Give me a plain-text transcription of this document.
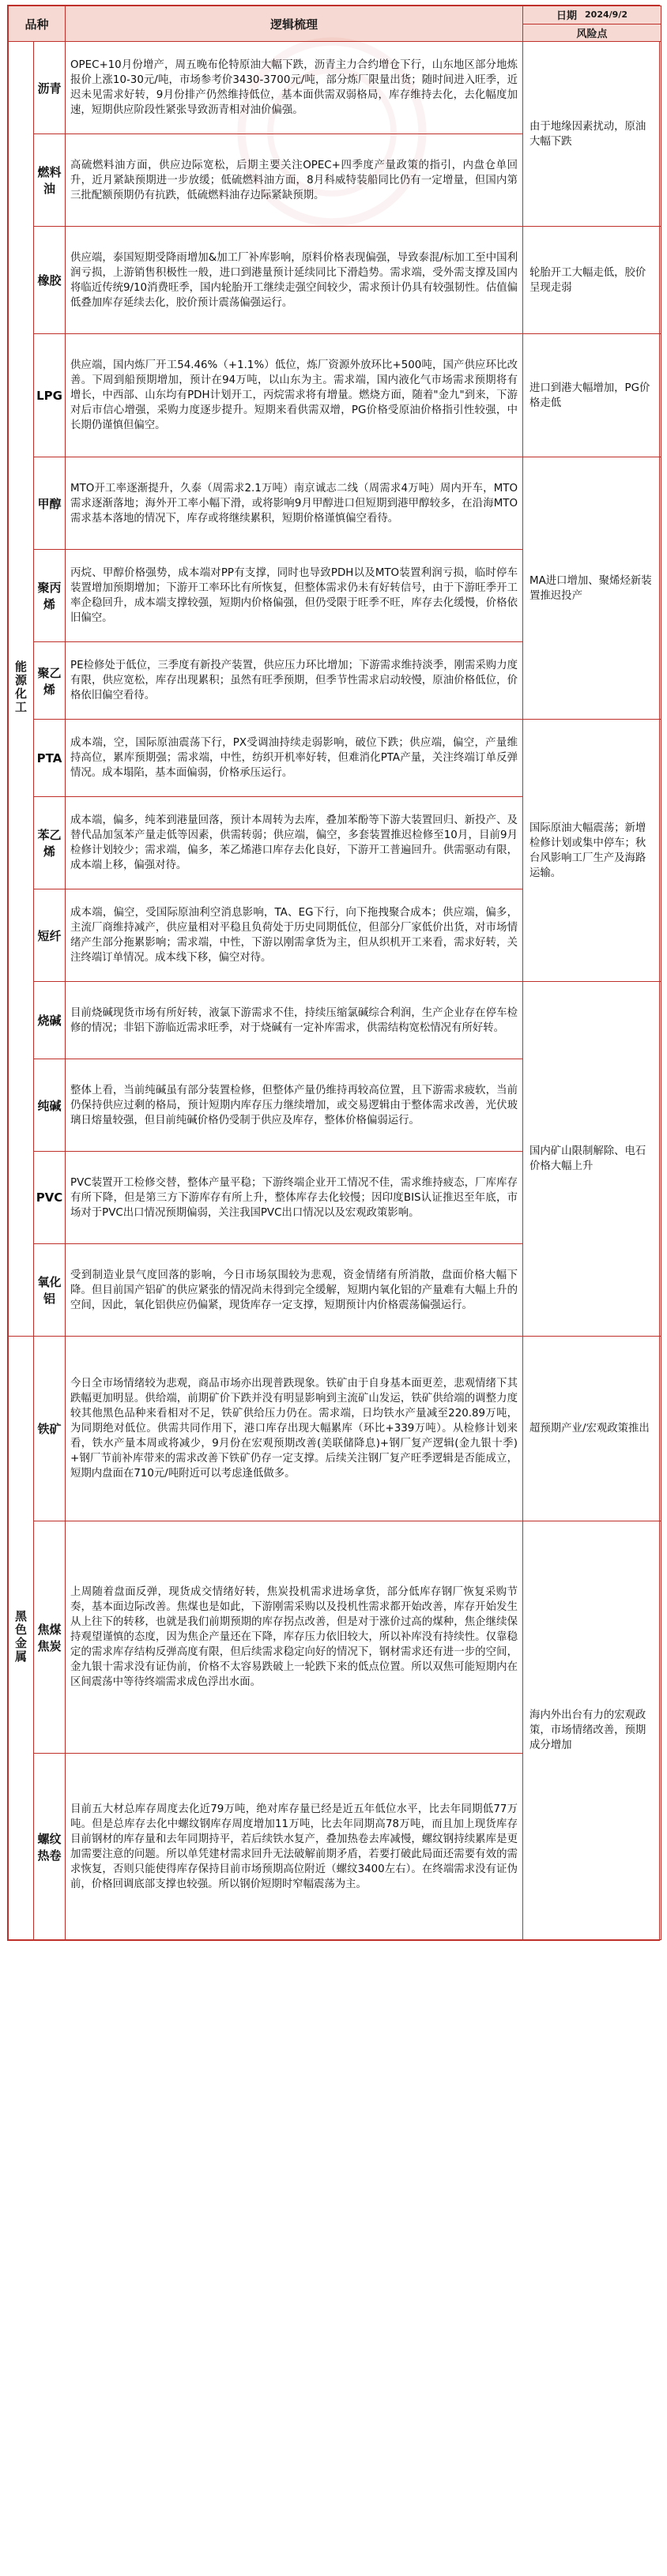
品种		逻辑梳理	日期 2024/9/2
风险点

能源化工	沥青	OPEC+10月份增产，周五晚布伦特原油大幅下跌，沥青主力合约增仓下行，山东地区部分地炼报价上涨10-30元/吨，市场参考价3430-3700元/吨，部分炼厂限量出货；随时间进入旺季，近迟未见需求好转，9月份排产仍然维持低位，基本面供需双弱格局，库存维持去化，去化幅度加速，短期供应阶段性紧张导致沥青相对油价偏强。	由于地缘因素扰动，原油大幅下跌
	燃料油	高硫燃料油方面，供应边际宽松，后期主要关注OPEC+四季度产量政策的指引，内盘仓单回升，近月紧缺预期进一步放缓；低硫燃料油方面，8月科威特装船同比仍有一定增量，但国内第三批配额预期仍有抗跌，低硫燃料油存边际紧缺预期。	
	橡胶	供应端，泰国短期受降雨增加&加工厂补库影响，原料价格表现偏强，导致泰混/标加工至中国利润亏损，上游销售积极性一般，进口到港量预计延续同比下滑趋势。需求端，受外需支撑及国内将临近传统9/10消费旺季，国内轮胎开工继续走强空间较少，需求预计仍具有较强韧性。估值偏低叠加库存延续去化，胶价预计震荡偏强运行。	轮胎开工大幅走低，胶价呈现走弱
	LPG	供应端，国内炼厂开工54.46%（+1.1%）低位，炼厂资源外放环比+500吨，国产供应环比改善。下周到船预期增加，预计在94万吨，以山东为主。需求端，国内液化气市场需求预期将有增长，中西部、山东均有PDH计划开工，丙烷需求将有增量。燃烧方面，随着"金九"到来，下游对后市信心增强，采购力度逐步提升。短期来看供需双增，PG价格受原油价格指引性较强，中长期仍谨慎但偏空。	进口到港大幅增加，PG价格走低
	甲醇	MTO开工率逐渐提升，久泰（周需求2.1万吨）南京诚志二线（周需求4万吨）周内开车，MTO需求逐渐落地；海外开工率小幅下滑，或将影响9月甲醇进口但短期到港甲醇较多，在沿海MTO需求基本落地的情况下，库存或将继续累积，短期价格谨慎偏空看待。	MA进口增加、聚烯烃新装置推迟投产
	聚丙烯	丙烷、甲醇价格强势，成本端对PP有支撑，同时也导致PDH以及MTO装置利润亏损，临时停车装置增加预期增加；下游开工率环比有所恢复，但整体需求仍未有好转信号，由于下游旺季开工率企稳回升，成本端支撑较强，短期内价格偏强，但仍受限于旺季不旺，库存去化缓慢，价格依旧偏空。	
	聚乙烯	PE检修处于低位，三季度有新投产装置，供应压力环比增加；下游需求维持淡季，刚需采购力度有限，供应宽松，库存出现累积；虽然有旺季预期，但季节性需求启动较慢，原油价格低位，价格依旧偏空看待。	
	PTA	成本端，空，国际原油震荡下行，PX受调油持续走弱影响，破位下跌；供应端，偏空，产量维持高位，累库预期强；需求端，中性，纺织开机率好转，但难消化PTA产量，关注终端订单反弹情况。成本塌陷，基本面偏弱，价格承压运行。	国际原油大幅震荡；新增检修计划或集中停车；秋台风影响工厂生产及海路运输。
	苯乙烯	成本端，偏多，纯苯到港量回落，预计本周转为去库，叠加苯酚等下游大装置回归、新投产、及替代品加氢苯产量走低等因素，供需转弱；供应端，偏空，多套装置推迟检修至10月，目前9月检修计划较少；需求端，偏多，苯乙烯港口库存去化良好，下游开工普遍回升。供需驱动有限，成本端上移，偏强对待。	
	短纤	成本端，偏空，受国际原油利空消息影响，TA、EG下行，向下拖拽聚合成本；供应端，偏多，主流厂商维持减产，供应量相对平稳且负荷处于历史同期低位，但部分厂家低价出货，对市场情绪产生部分拖累影响；需求端，中性，下游以刚需拿货为主，但从织机开工来看，需求好转，关注终端订单情况。成本线下移，偏空对待。	
	烧碱	目前烧碱现货市场有所好转，液氯下游需求不佳，持续压缩氯碱综合利润，生产企业存在停车检修的情况；非铝下游临近需求旺季，对于烧碱有一定补库需求，供需结构宽松情况有所好转。	国内矿山限制解除、电石价格大幅上升
	纯碱	整体上看，当前纯碱虽有部分装置检修，但整体产量仍维持再较高位置，且下游需求疲软，当前仍保持供应过剩的格局，预计短期内库存压力继续增加，或交易逻辑由于整体需求改善，光伏玻璃日熔量较强，但目前纯碱价格仍受制于供应及库存，整体价格偏弱运行。	
	PVC	PVC装置开工检修交替，整体产量平稳；下游终端企业开工情况不佳，需求维持疲态，厂库库存有所下降，但是第三方下游库存有所上升，整体库存去化较慢；因印度BIS认证推迟至年底，市场对于PVC出口情况预期偏弱，关注我国PVC出口情况以及宏观政策影响。	
	氧化铝	受到制造业景气度回落的影响，今日市场氛围较为悲观，资金情绪有所消散，盘面价格大幅下降。但目前国产铝矿的供应紧张的情况尚未得到完全缓解，短期内氧化铝的产量难有大幅上升的空间，因此，氧化铝供应仍偏紧，现货库存一定支撑，短期预计内价格震荡偏强运行。	
黑色金属	铁矿	今日全市场情绪较为悲观，商品市场亦出现普跌现象。铁矿由于自身基本面更差，悲观情绪下其跌幅更加明显。供给端，前期矿价下跌并没有明显影响到主流矿山发运，铁矿供给端的调整力度较其他黑色品种来看相对不足，铁矿供给压力仍在。需求端，日均铁水产量减至220.89万吨，为同期绝对低位。供需共同作用下，港口库存出现大幅累库（环比+339万吨）。从检修计划来看，铁水产量本周或将减少，9月份在宏观预期改善(美联储降息)+钢厂复产逻辑(金九银十季)+钢厂节前补库带来的需求改善下铁矿仍存一定支撑。后续关注钢厂复产旺季逻辑是否能成立，短期内盘面在710元/吨附近可以考虑逢低做多。	超预期产业/宏观政策推出
	焦煤焦炭	上周随着盘面反弹，现货成交情绪好转，焦炭投机需求进场拿货，部分低库存钢厂恢复采购节奏，基本面边际改善。焦煤也是如此，下游刚需采购以及投机性需求都开始改善，库存开始发生从上往下的转移，也就是我们前期预期的库存拐点改善，但是对于涨价过高的煤种，焦企继续保持观望谨慎的态度，因为焦企产量还在下降，库存压力依旧较大，所以补库没有持续性。仅靠稳定的需求库存结构反弹高度有限，但后续需求稳定向好的情况下，钢材需求还有进一步的空间，金九银十需求没有证伪前，价格不太容易跌破上一轮跌下来的低点位置。所以双焦可能短期内在区间震荡中等待终端需求成色浮出水面。	海内外出台有力的宏观政策，市场情绪改善，预期成分增加
	螺纹热卷	目前五大材总库存周度去化近79万吨，绝对库存量已经是近五年低位水平，比去年同期低77万吨。但是总库存去化中螺纹钢库存周度增加11万吨，比去年同期高78万吨，而且加上现货库存目前钢材的库存量和去年同期持平，若后续铁水复产，叠加热卷去库减慢，螺纹钢持续累库是更加需要注意的问题。所以单凭建材需求回升无法破解前期矛盾，若要打破此局面还需要有效的需求恢复，否则只能使得库存保持目前市场预期高位附近（螺纹3400左右）。在终端需求没有证伪前，价格回调底部支撑也较强。所以钢价短期时窄幅震荡为主。	
